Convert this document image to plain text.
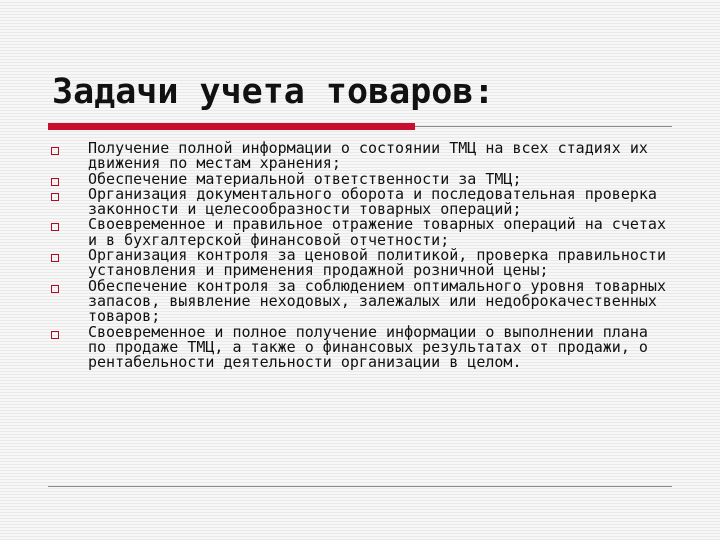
Задачи учета товаров:
Получение полной информации о состоянии ТМЦ на всех стадиях их движения по местам хранения;
Обеспечение материальной ответственности за ТМЦ;
Организация документального оборота и последовательная проверка законности и целесообразности товарных операций;
Своевременное и правильное отражение товарных операций на счетах и в бухгалтерской финансовой отчетности;
Организация контроля за ценовой политикой, проверка правильности установления и применения продажной розничной цены;
Обеспечение контроля за соблюдением оптимального уровня товарных запасов, выявление неходовых, залежалых или недоброкачественных товаров;
Своевременное и полное получение информации о выполнении плана по продаже ТМЦ, а также о финансовых результатах от продажи, о рентабельности деятельности организации в целом.
